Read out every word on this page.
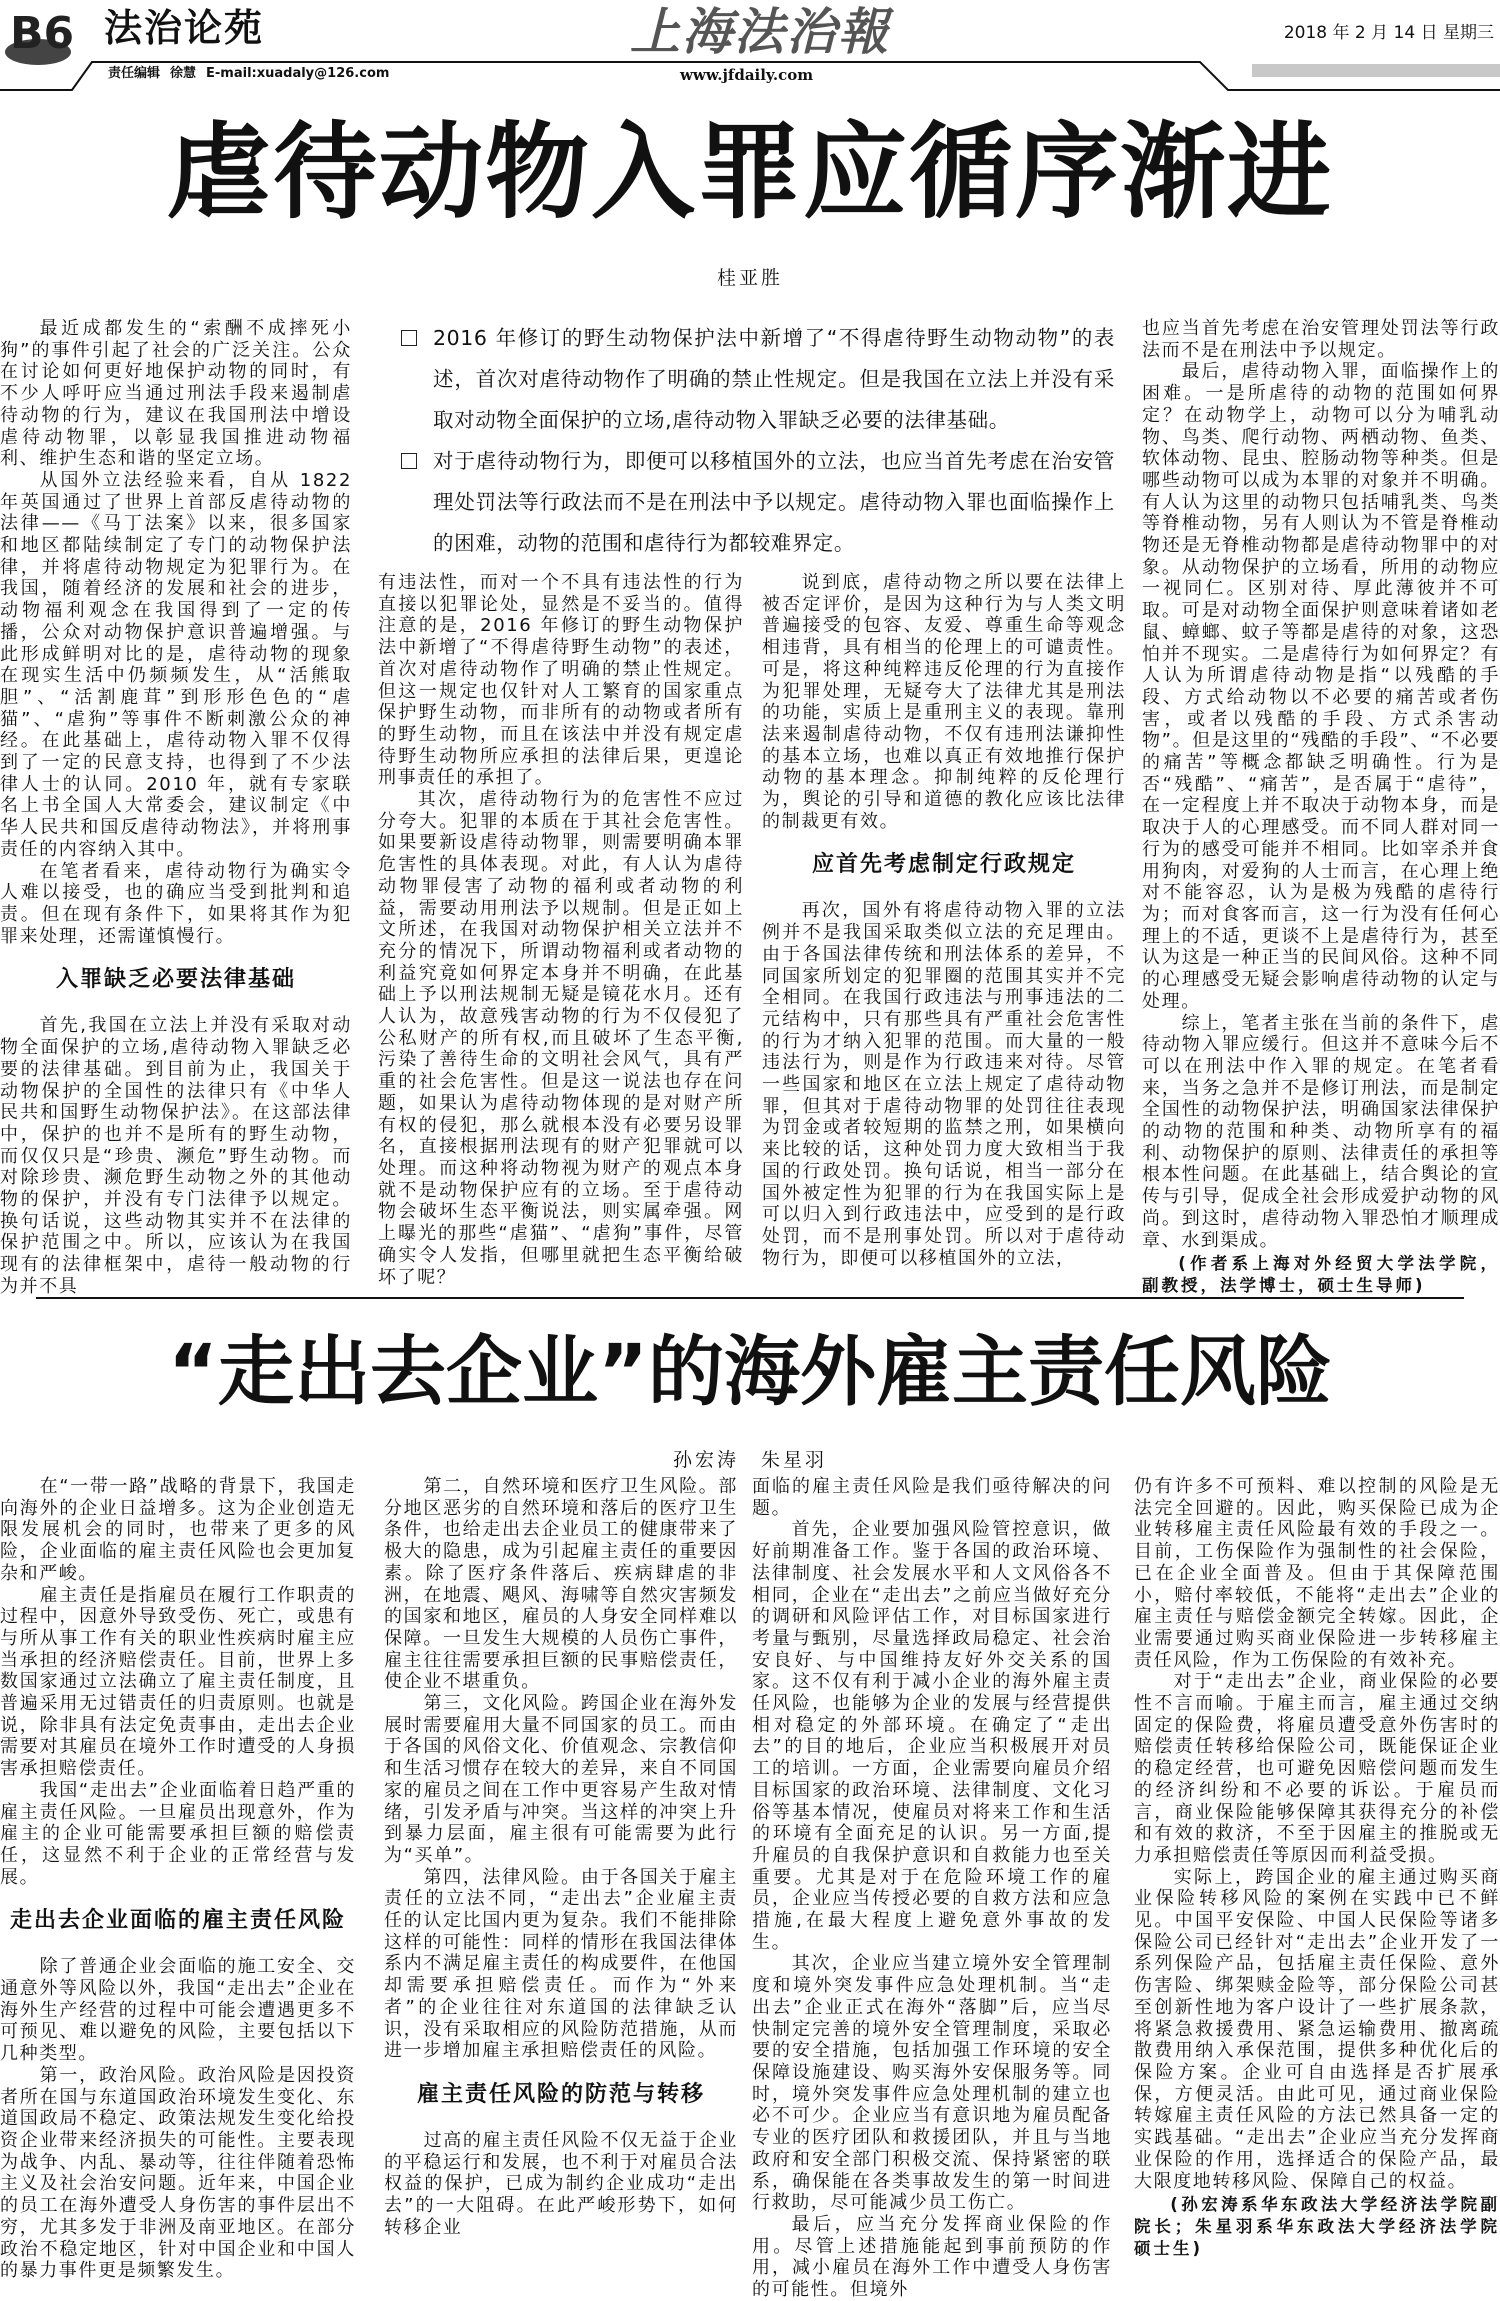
B6 法治论苑	上海法治報	2018 年 2 月 14 日 星期三
责任编辑 徐慧 E-mail:xuadaly@126.com	www.jfdaily.com
虐待动物入罪应循序渐进
桂亚胜
2016 年修订的野生动物保护法中新增了“不得虐待野生动物动物”的表述，首次对虐待动物作了明确的禁止性规定。但是我国在立法上并没有采取对动物全面保护的立场,虐待动物入罪缺乏必要的法律基础。
对于虐待动物行为，即便可以移植国外的立法，也应当首先考虑在治安管理处罚法等行政法而不是在刑法中予以规定。虐待动物入罪也面临操作上的困难，动物的范围和虐待行为都较难界定。

最近成都发生的“索酬不成摔死小狗”的事件引起了社会的广泛关注。公众在讨论如何更好地保护动物的同时，有不少人呼吁应当通过刑法手段来遏制虐待动物的行为，建议在我国刑法中增设虐待动物罪，以彰显我国推进动物福利、维护生态和谐的坚定立场。

从国外立法经验来看，自从 1822 年英国通过了世界上首部反虐待动物的法律——《马丁法案》以来，很多国家和地区都陆续制定了专门的动物保护法律，并将虐待动物规定为犯罪行为。在我国，随着经济的发展和社会的进步，动物福利观念在我国得到了一定的传播，公众对动物保护意识普遍增强。与此形成鲜明对比的是，虐待动物的现象在现实生活中仍频频发生，从“活熊取胆”、“活割鹿茸”到形形色色的“虐猫”、“虐狗”等事件不断刺激公众的神经。在此基础上，虐待动物入罪不仅得到了一定的民意支持，也得到了不少法律人士的认同。2010 年，就有专家联名上书全国人大常委会，建议制定《中华人民共和国反虐待动物法》，并将刑事责任的内容纳入其中。

在笔者看来，虐待动物行为确实令人难以接受，也的确应当受到批判和追责。但在现有条件下，如果将其作为犯罪来处理，还需谨慎慢行。

入罪缺乏必要法律基础

首先,我国在立法上并没有采取对动物全面保护的立场,虐待动物入罪缺乏必要的法律基础。到目前为止，我国关于动物保护的全国性的法律只有《中华人民共和国野生动物保护法》。在这部法律中，保护的也并不是所有的野生动物，而仅仅只是“珍贵、濒危”野生动物。而对除珍贵、濒危野生动物之外的其他动物的保护，并没有专门法律予以规定。换句话说，这些动物其实并不在法律的保护范围之中。所以，应该认为在我国现有的法律框架中，虐待一般动物的行为并不具

有违法性，而对一个不具有违法性的行为直接以犯罪论处，显然是不妥当的。值得注意的是，2016 年修订的野生动物保护法中新增了“不得虐待野生动物”的表述，首次对虐待动物作了明确的禁止性规定。但这一规定也仅针对人工繁育的国家重点保护野生动物，而非所有的动物或者所有的野生动物，而且在该法中并没有规定虐待野生动物所应承担的法律后果，更遑论刑事责任的承担了。

其次，虐待动物行为的危害性不应过分夸大。犯罪的本质在于其社会危害性。如果要新设虐待动物罪，则需要明确本罪危害性的具体表现。对此，有人认为虐待动物罪侵害了动物的福利或者动物的利益，需要动用刑法予以规制。但是正如上文所述，在我国对动物保护相关立法并不充分的情况下，所谓动物福利或者动物的利益究竟如何界定本身并不明确，在此基础上予以刑法规制无疑是镜花水月。还有人认为，故意残害动物的行为不仅侵犯了公私财产的所有权,而且破坏了生态平衡,污染了善待生命的文明社会风气，具有严重的社会危害性。但是这一说法也存在问题，如果认为虐待动物体现的是对财产所有权的侵犯，那么就根本没有必要另设罪名，直接根据刑法现有的财产犯罪就可以处理。而这种将动物视为财产的观点本身就不是动物保护应有的立场。至于虐待动物会破坏生态平衡说法，则实属牵强。网上曝光的那些“虐猫”、“虐狗”事件，尽管确实令人发指，但哪里就把生态平衡给破坏了呢？

说到底，虐待动物之所以要在法律上被否定评价，是因为这种行为与人类文明普遍接受的包容、友爱、尊重生命等观念相违背，具有相当的伦理上的可谴责性。可是，将这种纯粹违反伦理的行为直接作为犯罪处理，无疑夸大了法律尤其是刑法的功能，实质上是重刑主义的表现。靠刑法来遏制虐待动物，不仅有违刑法谦抑性的基本立场，也难以真正有效地推行保护动物的基本理念。抑制纯粹的反伦理行为，舆论的引导和道德的教化应该比法律的制裁更有效。

应首先考虑制定行政规定

再次，国外有将虐待动物入罪的立法例并不是我国采取类似立法的充足理由。由于各国法律传统和刑法体系的差异，不同国家所划定的犯罪圈的范围其实并不完全相同。在我国行政违法与刑事违法的二元结构中，只有那些具有严重社会危害性的行为才纳入犯罪的范围。而大量的一般违法行为，则是作为行政违来对待。尽管一些国家和地区在立法上规定了虐待动物罪，但其对于虐待动物罪的处罚往往表现为罚金或者较短期的监禁之刑，如果横向来比较的话，这种处罚力度大致相当于我国的行政处罚。换句话说，相当一部分在国外被定性为犯罪的行为在我国实际上是可以归入到行政违法中，应受到的是行政处罚，而不是刑事处罚。所以对于虐待动物行为，即便可以移植国外的立法，

也应当首先考虑在治安管理处罚法等行政法而不是在刑法中予以规定。

最后，虐待动物入罪，面临操作上的困难。一是所虐待的动物的范围如何界定？在动物学上，动物可以分为哺乳动物、鸟类、爬行动物、两栖动物、鱼类、软体动物、昆虫、腔肠动物等种类。但是哪些动物可以成为本罪的对象并不明确。有人认为这里的动物只包括哺乳类、鸟类等脊椎动物，另有人则认为不管是脊椎动物还是无脊椎动物都是虐待动物罪中的对象。从动物保护的立场看，所用的动物应一视同仁。区别对待、厚此薄彼并不可取。可是对动物全面保护则意味着诸如老鼠、蟑螂、蚊子等都是虐待的对象，这恐怕并不现实。二是虐待行为如何界定？有人认为所谓虐待动物是指“以残酷的手段、方式给动物以不必要的痛苦或者伤害，或者以残酷的手段、方式杀害动物”。但是这里的“残酷的手段”、“不必要的痛苦”等概念都缺乏明确性。行为是否“残酷”、“痛苦”，是否属于“虐待”，在一定程度上并不取决于动物本身，而是取决于人的心理感受。而不同人群对同一行为的感受可能并不相同。比如宰杀并食用狗肉，对爱狗的人士而言，在心理上绝对不能容忍，认为是极为残酷的虐待行为；而对食客而言，这一行为没有任何心理上的不适，更谈不上是虐待行为，甚至认为这是一种正当的民间风俗。这种不同的心理感受无疑会影响虐待动物的认定与处理。

综上，笔者主张在当前的条件下，虐待动物入罪应缓行。但这并不意味今后不可以在刑法中作入罪的规定。在笔者看来，当务之急并不是修订刑法，而是制定全国性的动物保护法，明确国家法律保护的动物的范围和种类、动物所享有的福利、动物保护的原则、法律责任的承担等根本性问题。在此基础上，结合舆论的宣传与引导，促成全社会形成爱护动物的风尚。到这时，虐待动物入罪恐怕才顺理成章、水到渠成。

(作者系上海对外经贸大学法学院，副教授，法学博士，硕士生导师)

“走出去企业”的海外雇主责任风险
孙宏涛　朱星羽

在“一带一路”战略的背景下，我国走向海外的企业日益增多。这为企业创造无限发展机会的同时，也带来了更多的风险，企业面临的雇主责任风险也会更加复杂和严峻。

雇主责任是指雇员在履行工作职责的过程中，因意外导致受伤、死亡，或患有与所从事工作有关的职业性疾病时雇主应当承担的经济赔偿责任。目前，世界上多数国家通过立法确立了雇主责任制度，且普遍采用无过错责任的归责原则。也就是说，除非具有法定免责事由，走出去企业需要对其雇员在境外工作时遭受的人身损害承担赔偿责任。

我国“走出去”企业面临着日趋严重的雇主责任风险。一旦雇员出现意外，作为雇主的企业可能需要承担巨额的赔偿责任，这显然不利于企业的正常经营与发展。

走出去企业面临的雇主责任风险

除了普通企业会面临的施工安全、交通意外等风险以外，我国“走出去”企业在海外生产经营的过程中可能会遭遇更多不可预见、难以避免的风险，主要包括以下几种类型。

第一，政治风险。政治风险是因投资者所在国与东道国政治环境发生变化、东道国政局不稳定、政策法规发生变化给投资企业带来经济损失的可能性。主要表现为战争、内乱、暴动等，往往伴随着恐怖主义及社会治安问题。近年来，中国企业的员工在海外遭受人身伤害的事件层出不穷，尤其多发于非洲及南亚地区。在部分政治不稳定地区，针对中国企业和中国人的暴力事件更是频繁发生。

第二，自然环境和医疗卫生风险。部分地区恶劣的自然环境和落后的医疗卫生条件，也给走出去企业员工的健康带来了极大的隐患，成为引起雇主责任的重要因素。除了医疗条件落后、疾病肆虐的非洲，在地震、飓风、海啸等自然灾害频发的国家和地区，雇员的人身安全同样难以保障。一旦发生大规模的人员伤亡事件，雇主往往需要承担巨额的民事赔偿责任，使企业不堪重负。

第三，文化风险。跨国企业在海外发展时需要雇用大量不同国家的员工。而由于各国的风俗文化、价值观念、宗教信仰和生活习惯存在较大的差异，来自不同国家的雇员之间在工作中更容易产生敌对情绪，引发矛盾与冲突。当这样的冲突上升到暴力层面，雇主很有可能需要为此行为“买单”。

第四，法律风险。由于各国关于雇主责任的立法不同，“走出去”企业雇主责任的认定比国内更为复杂。我们不能排除这样的可能性：同样的情形在我国法律体系内不满足雇主责任的构成要件，在他国却需要承担赔偿责任。而作为“外来者”的企业往往对东道国的法律缺乏认识，没有采取相应的风险防范措施，从而进一步增加雇主承担赔偿责任的风险。

雇主责任风险的防范与转移

过高的雇主责任风险不仅无益于企业的平稳运行和发展，也不利于对雇员合法权益的保护，已成为制约企业成功“走出去”的一大阻碍。在此严峻形势下，如何转移企业

面临的雇主责任风险是我们亟待解决的问题。

首先，企业要加强风险管控意识，做好前期准备工作。鉴于各国的政治环境、法律制度、社会发展水平和人文风俗各不相同，企业在“走出去”之前应当做好充分的调研和风险评估工作，对目标国家进行考量与甄别，尽量选择政局稳定、社会治安良好、与中国维持友好外交关系的国家。这不仅有利于减小企业的海外雇主责任风险，也能够为企业的发展与经营提供相对稳定的外部环境。在确定了“走出去”的目的地后，企业应当积极展开对员工的培训。一方面，企业需要向雇员介绍目标国家的政治环境、法律制度、文化习俗等基本情况，使雇员对将来工作和生活的环境有全面充足的认识。另一方面,提升雇员的自我保护意识和自救能力也至关重要。尤其是对于在危险环境工作的雇员，企业应当传授必要的自救方法和应急措施,在最大程度上避免意外事故的发生。

其次，企业应当建立境外安全管理制度和境外突发事件应急处理机制。当“走出去”企业正式在海外“落脚”后，应当尽快制定完善的境外安全管理制度，采取必要的安全措施，包括加强工作环境的安全保障设施建设、购买海外安保服务等。同时，境外突发事件应急处理机制的建立也必不可少。企业应当有意识地为雇员配备专业的医疗团队和救援团队，并且与当地政府和安全部门积极交流、保持紧密的联系，确保能在各类事故发生的第一时间进行救助，尽可能减少员工伤亡。

最后，应当充分发挥商业保险的作用。尽管上述措施能起到事前预防的作用，减小雇员在海外工作中遭受人身伤害的可能性。但境外

仍有许多不可预料、难以控制的风险是无法完全回避的。因此，购买保险已成为企业转移雇主责任风险最有效的手段之一。目前，工伤保险作为强制性的社会保险，已在企业全面普及。但由于其保障范围小，赔付率较低，不能将“走出去”企业的雇主责任与赔偿金额完全转嫁。因此，企业需要通过购买商业保险进一步转移雇主责任风险，作为工伤保险的有效补充。

对于“走出去”企业，商业保险的必要性不言而喻。于雇主而言，雇主通过交纳固定的保险费，将雇员遭受意外伤害时的赔偿责任转移给保险公司，既能保证企业的稳定经营，也可避免因赔偿问题而发生的经济纠纷和不必要的诉讼。于雇员而言，商业保险能够保障其获得充分的补偿和有效的救济，不至于因雇主的推脱或无力承担赔偿责任等原因而利益受损。

实际上，跨国企业的雇主通过购买商业保险转移风险的案例在实践中已不鲜见。中国平安保险、中国人民保险等诸多保险公司已经针对“走出去”企业开发了一系列保险产品，包括雇主责任保险、意外伤害险、绑架赎金险等，部分保险公司甚至创新性地为客户设计了一些扩展条款，将紧急救援费用、紧急运输费用、撤离疏散费用纳入承保范围，提供多种优化后的保险方案。企业可自由选择是否扩展承保，方便灵活。由此可见，通过商业保险转嫁雇主责任风险的方法已然具备一定的实践基础。“走出去”企业应当充分发挥商业保险的作用，选择适合的保险产品，最大限度地转移风险、保障自己的权益。

(孙宏涛系华东政法大学经济法学院副院长；朱星羽系华东政法大学经济法学院硕士生)
